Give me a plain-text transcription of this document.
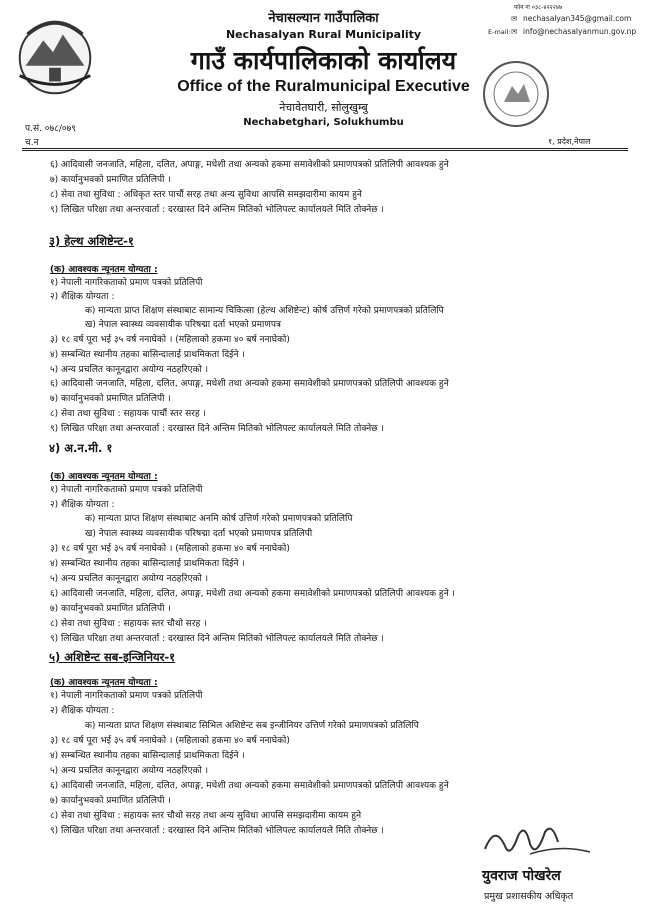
नेचासल्यान गाउँपालिका
Nechasalyan Rural Municipality
गाउँ कार्यपालिकाको कार्यालय
Office of the Ruralmunicipal Executive
नेचावेतघारी, सोलुखुम्बु
Nechabetghari, Solukhumbu
फोन नः ०३८-४२२२४७
✉ nechasalyan345@gmail.com
E-mail: ✉ info@nechasalyanmun.gov.np
१, प्रदेश,नेपाल
प.सं. ०७८/०७९
च.न
६) आदिवासी जनजाति, महिला, दलित, अपाङ्ग, मधेशी तथा अन्यको हकमा समावेशीको प्रमाणपत्रको प्रतिलिपी आवश्यक हुने
७) कार्यानुभवको प्रमाणित प्रतिलिपी ।
८) सेवा तथा सुविधा : अधिकृत स्तर पाचौं सरह तथा अन्य सुविधा आपसि समझदारीमा कायम हुने
९) लिखित परिक्षा तथा अन्तरवार्ता : दरखास्त दिने अन्तिम मितिको भोलिपल्ट कार्यालयले मिति तोक्नेछ ।
३) हेल्थ अशिष्टेन्ट-१
(क) आवश्यक न्यूनतम योग्यता :
१) नेपाली नागरिकताको प्रमाण पत्रको प्रतिलिपी
२) शैक्षिक योग्यता :
क) मान्यता प्राप्त शिक्षण संस्थाबाट सामान्य चिकित्सा (हेल्थ अशिष्टेन्ट) कोर्ष उत्तिर्ण गरेको प्रमाणपत्रको प्रतिलिपि
ख) नेपाल स्वास्थ्य व्यवसायीक परिषद्मा दर्ता भएको प्रमाणपत्र
३) १८ वर्ष पूरा भई ३५ वर्ष ननाघेको । (महिलाको हकमा ४० बर्ष ननाघेको)
४) सम्बन्धित स्थानीय तहका बासिन्दालाई प्राथमिकता दिईने ।
५) अन्य प्रचलित कानूनद्वारा अयोग्य नठहरिएको ।
६) आदिवासी जनजाति, महिला, दलित, अपाङ्ग, मधेशी तथा अन्यको हकमा समावेशीको प्रमाणपत्रको प्रतिलिपी आवश्यक हुने
७) कार्यानुभवको प्रमाणित प्रतिलिपी ।
८) सेवा तथा सुविधा : सहायक पाचौं स्तर सरह ।
९) लिखित परिक्षा तथा अन्तरवार्ता : दरखास्त दिने अन्तिम मितिको भोलिपल्ट कार्यालयले मिति तोक्नेछ ।
४) अ.न.मी. १
(क) आवश्यक न्यूनतम योग्यता :
१) नेपाली नागरिकताको प्रमाण पत्रको प्रतिलिपी
२) शैक्षिक योग्यता :
क) मान्यता प्राप्त शिक्षण संस्थाबाट अनमि कोर्ष उत्तिर्ण गरेको प्रमाणपत्रको प्रतिलिपि
ख) नेपाल स्वास्थ्य व्यवसायीक परिषद्मा दर्ता भएको प्रमाणपत्र प्रतिलिपी
३) १८ वर्ष पूरा भई ३५ वर्ष ननाघेको । (महिलाको हकमा ४० बर्ष ननाघेको)
४) सम्बन्धित स्थानीय तहका बासिन्दालाई प्राथमिकता दिईने ।
५) अन्य प्रचलित कानूनद्वारा अयोग्य नठहरिएको ।
६) आदिवासी जनजाति, महिला, दलित, अपाङ्ग, मधेशी तथा अन्यको हकमा समावेशीको प्रमाणपत्रको प्रतिलिपी आवश्यक हुने ।
७) कार्यानुभवको प्रमाणित प्रतिलिपी ।
८) सेवा तथा सुविधा : सहायक स्तर चौथो सरह ।
९) लिखित परिक्षा तथा अन्तरवार्ता : दरखास्त दिने अन्तिम मितिको भोलिपल्ट कार्यालयले मिति तोक्नेछ ।
५) अशिष्टेन्ट सब-इन्जिनियर-१
(क) आवश्यक न्यूनतम योग्यता :
१) नेपाली नागरिकताको प्रमाण पत्रको प्रतिलिपी
२) शैक्षिक योग्यता :
क) मान्यता प्राप्त शिक्षण संस्थाबाट सिभिल अशिष्टेन्ट सब इन्जीनियर उत्तिर्ण गरेको प्रमाणपत्रको प्रतिलिपि
३) १८ वर्ष पूरा भई ३५ वर्ष ननाघेको । (महिलाको हकमा ४० बर्ष ननाघेको)
४) सम्बन्धित स्थानीय तहका बासिन्दालाई प्राथमिकता दिईने ।
५) अन्य प्रचलित कानूनद्वारा अयोग्य नठहरिएको ।
६) आदिवासी जनजाति, महिला, दलित, अपाङ्ग, मधेशी तथा अन्यको हकमा समावेशीको प्रमाणपत्रको प्रतिलिपी आवश्यक हुने
७) कार्यानुभवको प्रमाणित प्रतिलिपी ।
८) सेवा तथा सुविधा : सहायक स्तर चौथो सरह तथा अन्य सुविधा आपसि समझदारीमा कायम हुने
९) लिखित परिक्षा तथा अन्तरवार्ता : दरखास्त दिने अन्तिम मितिको भोलिपल्ट कार्यालयले मिति तोक्नेछ ।
युवराज पोखरेल
प्रमुख प्रशासकीय अधिकृत
